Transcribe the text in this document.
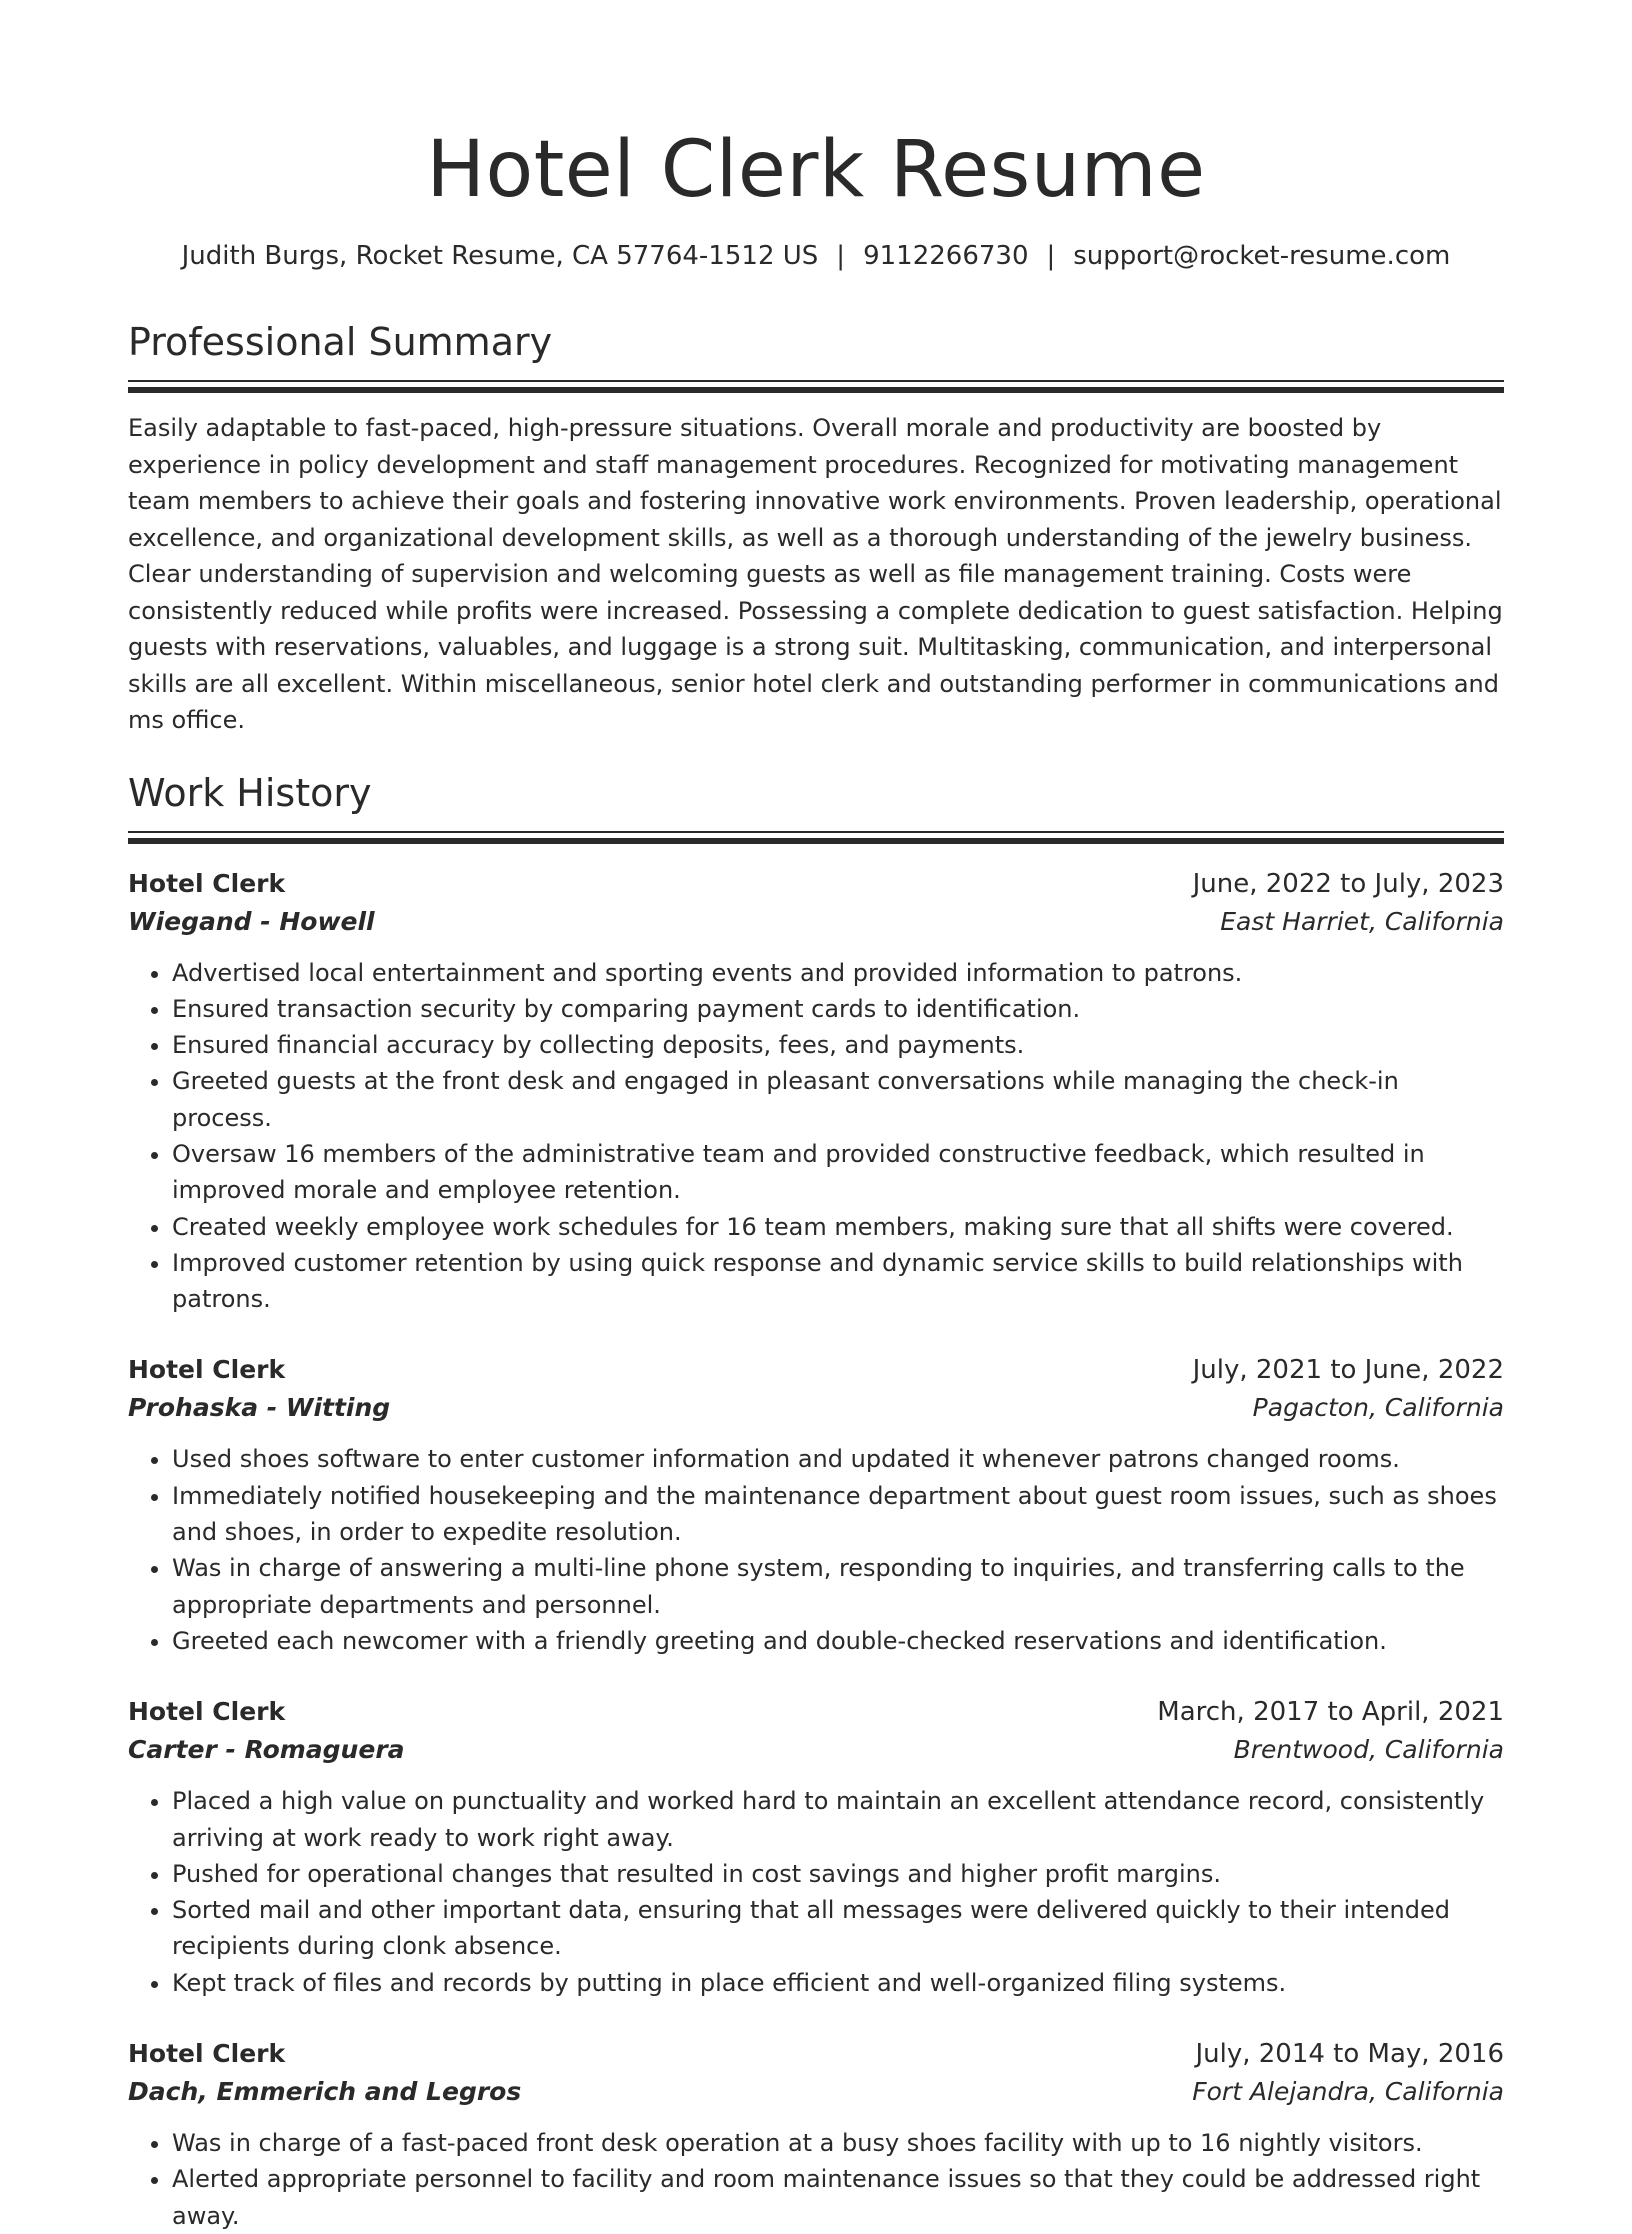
Hotel Clerk Resume
Judith Burgs, Rocket Resume, CA 57764-1512 US | 9112266730 | support@rocket-resume.com
Professional Summary

Easily adaptable to fast-paced, high-pressure situations. Overall morale and productivity are boosted by experience in policy development and staff management procedures. Recognized for motivating management team members to achieve their goals and fostering innovative work environments. Proven leadership, operational excellence, and organizational development skills, as well as a thorough understanding of the jewelry business. Clear understanding of supervision and welcoming guests as well as file management training. Costs were consistently reduced while profits were increased. Possessing a complete dedication to guest satisfaction. Helping guests with reservations, valuables, and luggage is a strong suit. Multitasking, communication, and interpersonal skills are all excellent. Within miscellaneous, senior hotel clerk and outstanding performer in communications and ms office.

Work History
Hotel Clerk	June, 2022 to July, 2023
Wiegand - Howell	East Harriet, California
• Advertised local entertainment and sporting events and provided information to patrons.
• Ensured transaction security by comparing payment cards to identification.
• Ensured financial accuracy by collecting deposits, fees, and payments.
• Greeted guests at the front desk and engaged in pleasant conversations while managing the check-in process.
• Oversaw 16 members of the administrative team and provided constructive feedback, which resulted in improved morale and employee retention.
• Created weekly employee work schedules for 16 team members, making sure that all shifts were covered.
• Improved customer retention by using quick response and dynamic service skills to build relationships with patrons.
Hotel Clerk	July, 2021 to June, 2022
Prohaska - Witting	Pagacton, California
• Used shoes software to enter customer information and updated it whenever patrons changed rooms.
• Immediately notified housekeeping and the maintenance department about guest room issues, such as shoes and shoes, in order to expedite resolution.
• Was in charge of answering a multi-line phone system, responding to inquiries, and transferring calls to the appropriate departments and personnel.
• Greeted each newcomer with a friendly greeting and double-checked reservations and identification.
Hotel Clerk	March, 2017 to April, 2021
Carter - Romaguera	Brentwood, California
• Placed a high value on punctuality and worked hard to maintain an excellent attendance record, consistently arriving at work ready to work right away.
• Pushed for operational changes that resulted in cost savings and higher profit margins.
• Sorted mail and other important data, ensuring that all messages were delivered quickly to their intended recipients during clonk absence.
• Kept track of files and records by putting in place efficient and well-organized filing systems.
Hotel Clerk	July, 2014 to May, 2016
Dach, Emmerich and Legros	Fort Alejandra, California
• Was in charge of a fast-paced front desk operation at a busy shoes facility with up to 16 nightly visitors.
• Alerted appropriate personnel to facility and room maintenance issues so that they could be addressed right away.
